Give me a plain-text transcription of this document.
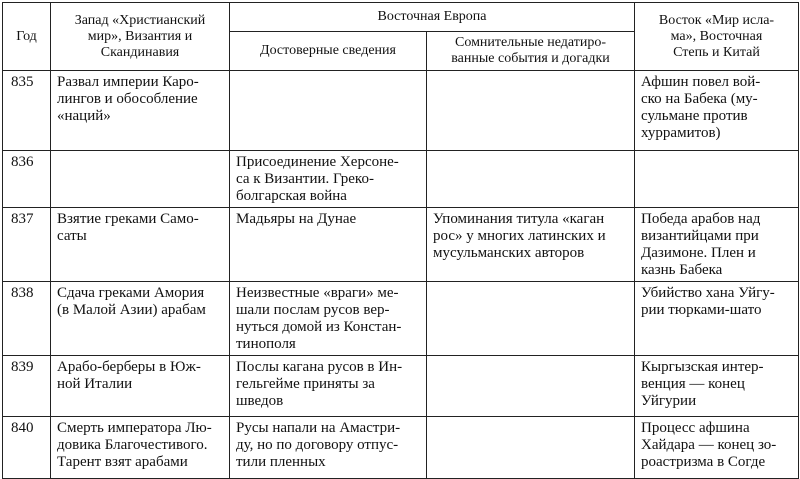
Год	Запад «Христианский
мир», Византия и
Скандинавия	Восточная Европа		Восток «Мир исла-
ма», Восточная
Степь и Китай
		Достоверные сведения	Сомнительные недатиро-
ванные события и догадки	
835	Развал империи Каро-
лингов и обособление
«наций»			Афшин повел вой-
ско на Бабека (му-
сульмане против
хуррамитов)
836		Присоединение Херсоне-
са к Византии. Греко-
болгарская война		
837	Взятие греками Само-
саты	Мадьяры на Дунае	Упоминания титула «каган
рос» у многих латинских и
мусульманских авторов	Победа арабов над
византийцами при
Дазимоне. Плен и
казнь Бабека
838	Сдача греками Амория
(в Малой Азии) арабам	Неизвестные «враги» ме-
шали послам русов вер-
нуться домой из Констан-
тинополя		Убийство хана Уйгу-
рии тюрками-шато
839	Арабо-берберы в Юж-
ной Италии	Послы кагана русов в Ин-
гельгейме приняты за
шведов		Кыргызская интер-
венция — конец
Уйгурии
840	Смерть императора Лю-
довика Благочестивого.
Тарент взят арабами	Русы напали на Амастри-
ду, но по договору отпус-
тили пленных		Процесс афшина
Хайдара — конец зо-
роастризма в Согде
